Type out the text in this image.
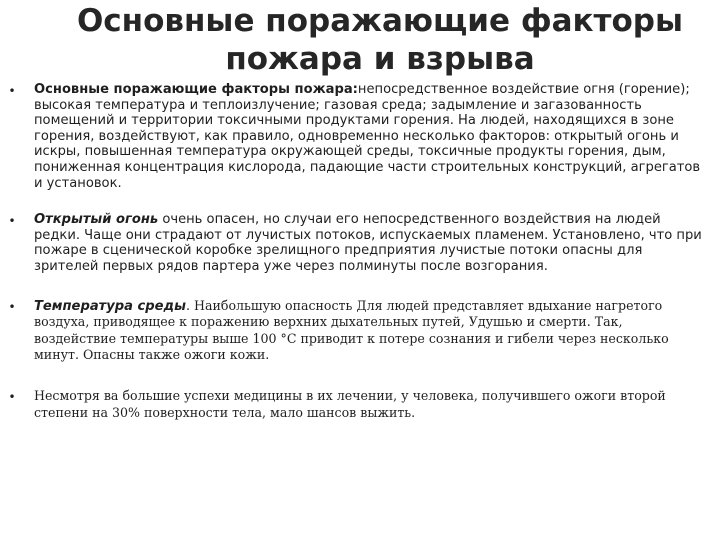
Основные поражающие факторы
пожара и взрыва
• Основные поражающие факторы пожара:непосредственное воздействие огня (горение); высокая температура и теплоизлучение; газовая среда; задымление и загазованность помещений и территории токсичными продуктами горения. На людей, находящихся в зоне горения, воздействуют, как правило, одновременно несколько факторов: открытый огонь и искры, повышенная температура окружающей среды, токсичные продукты горения, дым, пониженная концентрация кислорода, падающие части строительных конструкций, агрегатов и установок.
• Открытый огонь очень опасен, но случаи его непосредственного воздействия на людей редки. Чаще они страдают от лучистых потоков, испускаемых пламенем. Установлено, что при пожаре в сценической коробке зрелищного предприятия лучистые потоки опасны для зрителей первых рядов партера уже через полминуты после возгорания.
• Температура среды. Наибольшую опасность Для людей представляет вдыхание нагретого воздуха, приводящее к поражению верхних дыхательных путей, Удушью и смерти. Так, воздействие температуры выше 100 °С приводит к потере сознания и гибели через несколько минут. Опасны также ожоги кожи.
• Несмотря ва большие успехи медицины в их лечении, у человека, получившего ожоги второй степени на 30% поверхности тела, мало шансов выжить.
